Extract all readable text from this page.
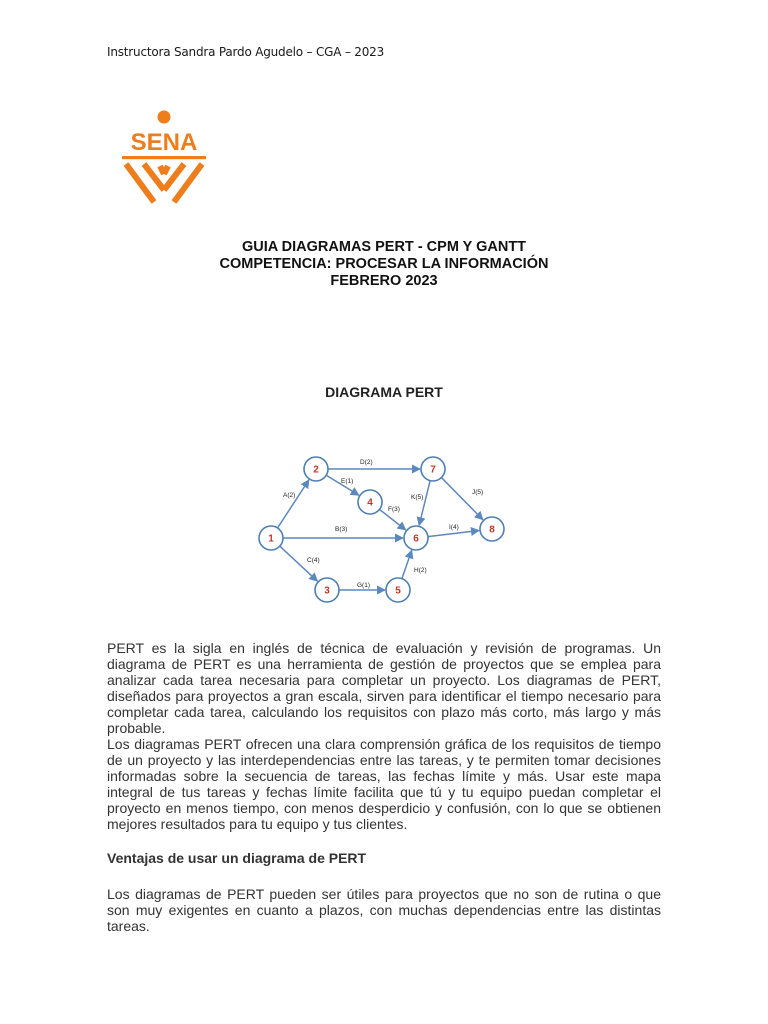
Instructora Sandra Pardo Agudelo – CGA – 2023
SENA
GUIA DIAGRAMAS PERT - CPM Y GANTT
COMPETENCIA: PROCESAR LA INFORMACIÓN
FEBRERO 2023
DIAGRAMA PERT
A(2)
B(3)
C(4)
D(2)
E(1)
F(3)
G(1)
H(2)
I(4)
J(5)
K(5)
1
2
3
4
5
6
7
8
PERT es la sigla en inglés de técnica de evaluación y revisión de programas. Un diagrama de PERT es una herramienta de gestión de proyectos que se emplea para analizar cada tarea necesaria para completar un proyecto. Los diagramas de PERT, diseñados para proyectos a gran escala, sirven para identificar el tiempo necesario para completar cada tarea, calculando los requisitos con plazo más corto, más largo y más probable.
Los diagramas PERT ofrecen una clara comprensión gráfica de los requisitos de tiempo de un proyecto y las interdependencias entre las tareas, y te permiten tomar decisiones informadas sobre la secuencia de tareas, las fechas límite y más. Usar este mapa integral de tus tareas y fechas límite facilita que tú y tu equipo puedan completar el proyecto en menos tiempo, con menos desperdicio y confusión, con lo que se obtienen mejores resultados para tu equipo y tus clientes.
Ventajas de usar un diagrama de PERT
Los diagramas de PERT pueden ser útiles para proyectos que no son de rutina o que son muy exigentes en cuanto a plazos, con muchas dependencias entre las distintas tareas.
